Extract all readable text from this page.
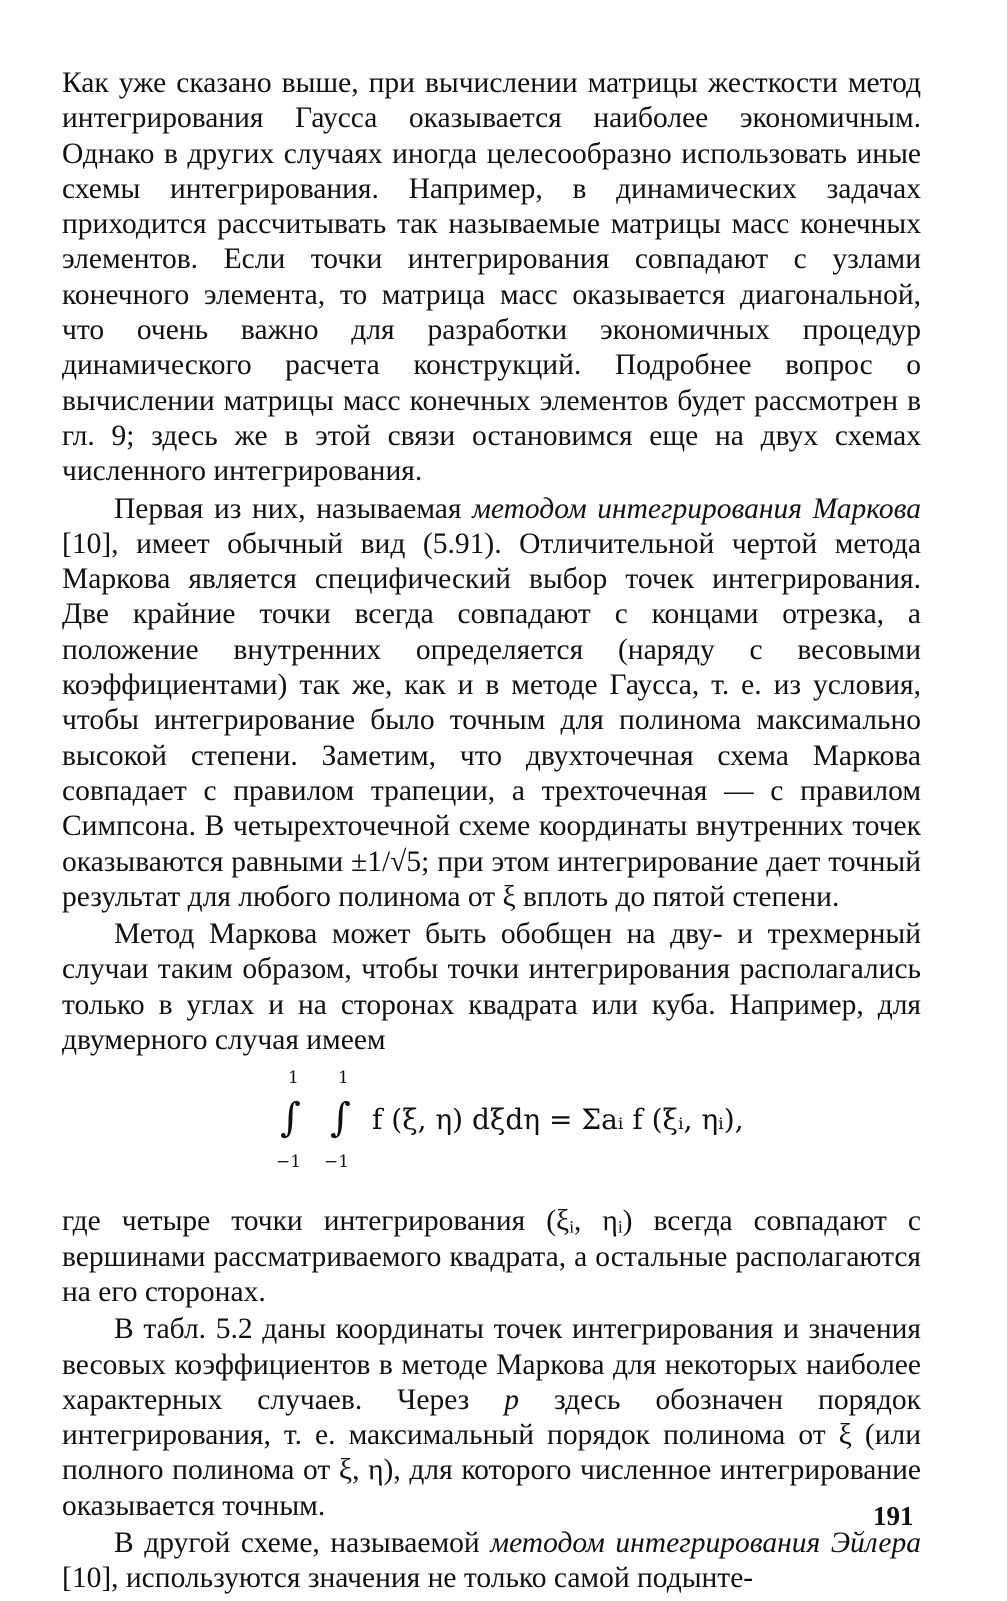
Как уже сказано выше, при вычислении матрицы жесткости метод интегрирования Гаусса оказывается наиболее экономичным. Однако в других случаях иногда целесообразно использовать иные схемы интегрирования. Например, в динамических задачах приходится рассчитывать так называемые матрицы масс конечных элементов. Если точки интегрирования совпадают с узлами конечного элемента, то матрица масс оказывается диагональной, что очень важно для разработки экономичных процедур динамического расчета конструкций. Подробнее вопрос о вычислении матрицы масс конечных элементов будет рассмотрен в гл. 9; здесь же в этой связи остановимся еще на двух схемах численного интегрирования.

Первая из них, называемая методом интегрирования Маркова [10], имеет обычный вид (5.91). Отличительной чертой метода Маркова является специфический выбор точек интегрирования. Две крайние точки всегда совпадают с концами отрезка, а положение внутренних определяется (наряду с весовыми коэффициентами) так же, как и в методе Гаусса, т. е. из условия, чтобы интегрирование было точным для полинома максимально высокой степени. Заметим, что двухточечная схема Маркова совпадает с правилом трапеции, а трехточечная — с правилом Симпсона. В четырехточечной схеме координаты внутренних точек оказываются равными ±1/√5; при этом интегрирование дает точный результат для любого полинома от ξ вплоть до пятой степени.

Метод Маркова может быть обобщен на дву- и трехмерный случаи таким образом, чтобы точки интегрирования располагались только в углах и на сторонах квадрата или куба. Например, для двумерного случая имеем

1
∫
−1
1
∫
−1
f (ξ, η) dξdη = Σaᵢ f (ξᵢ, ηᵢ),

где четыре точки интегрирования (ξᵢ, ηᵢ) всегда совпадают с вершинами рассматриваемого квадрата, а остальные располагаются на его сторонах.

В табл. 5.2 даны координаты точек интегрирования и значения весовых коэффициентов в методе Маркова для некоторых наиболее характерных случаев. Через p здесь обозначен порядок интегрирования, т. е. максимальный порядок полинома от ξ (или полного полинома от ξ, η), для которого численное интегрирование оказывается точным.

В другой схеме, называемой методом интегрирования Эйлера [10], используются значения не только самой подынте-

191
